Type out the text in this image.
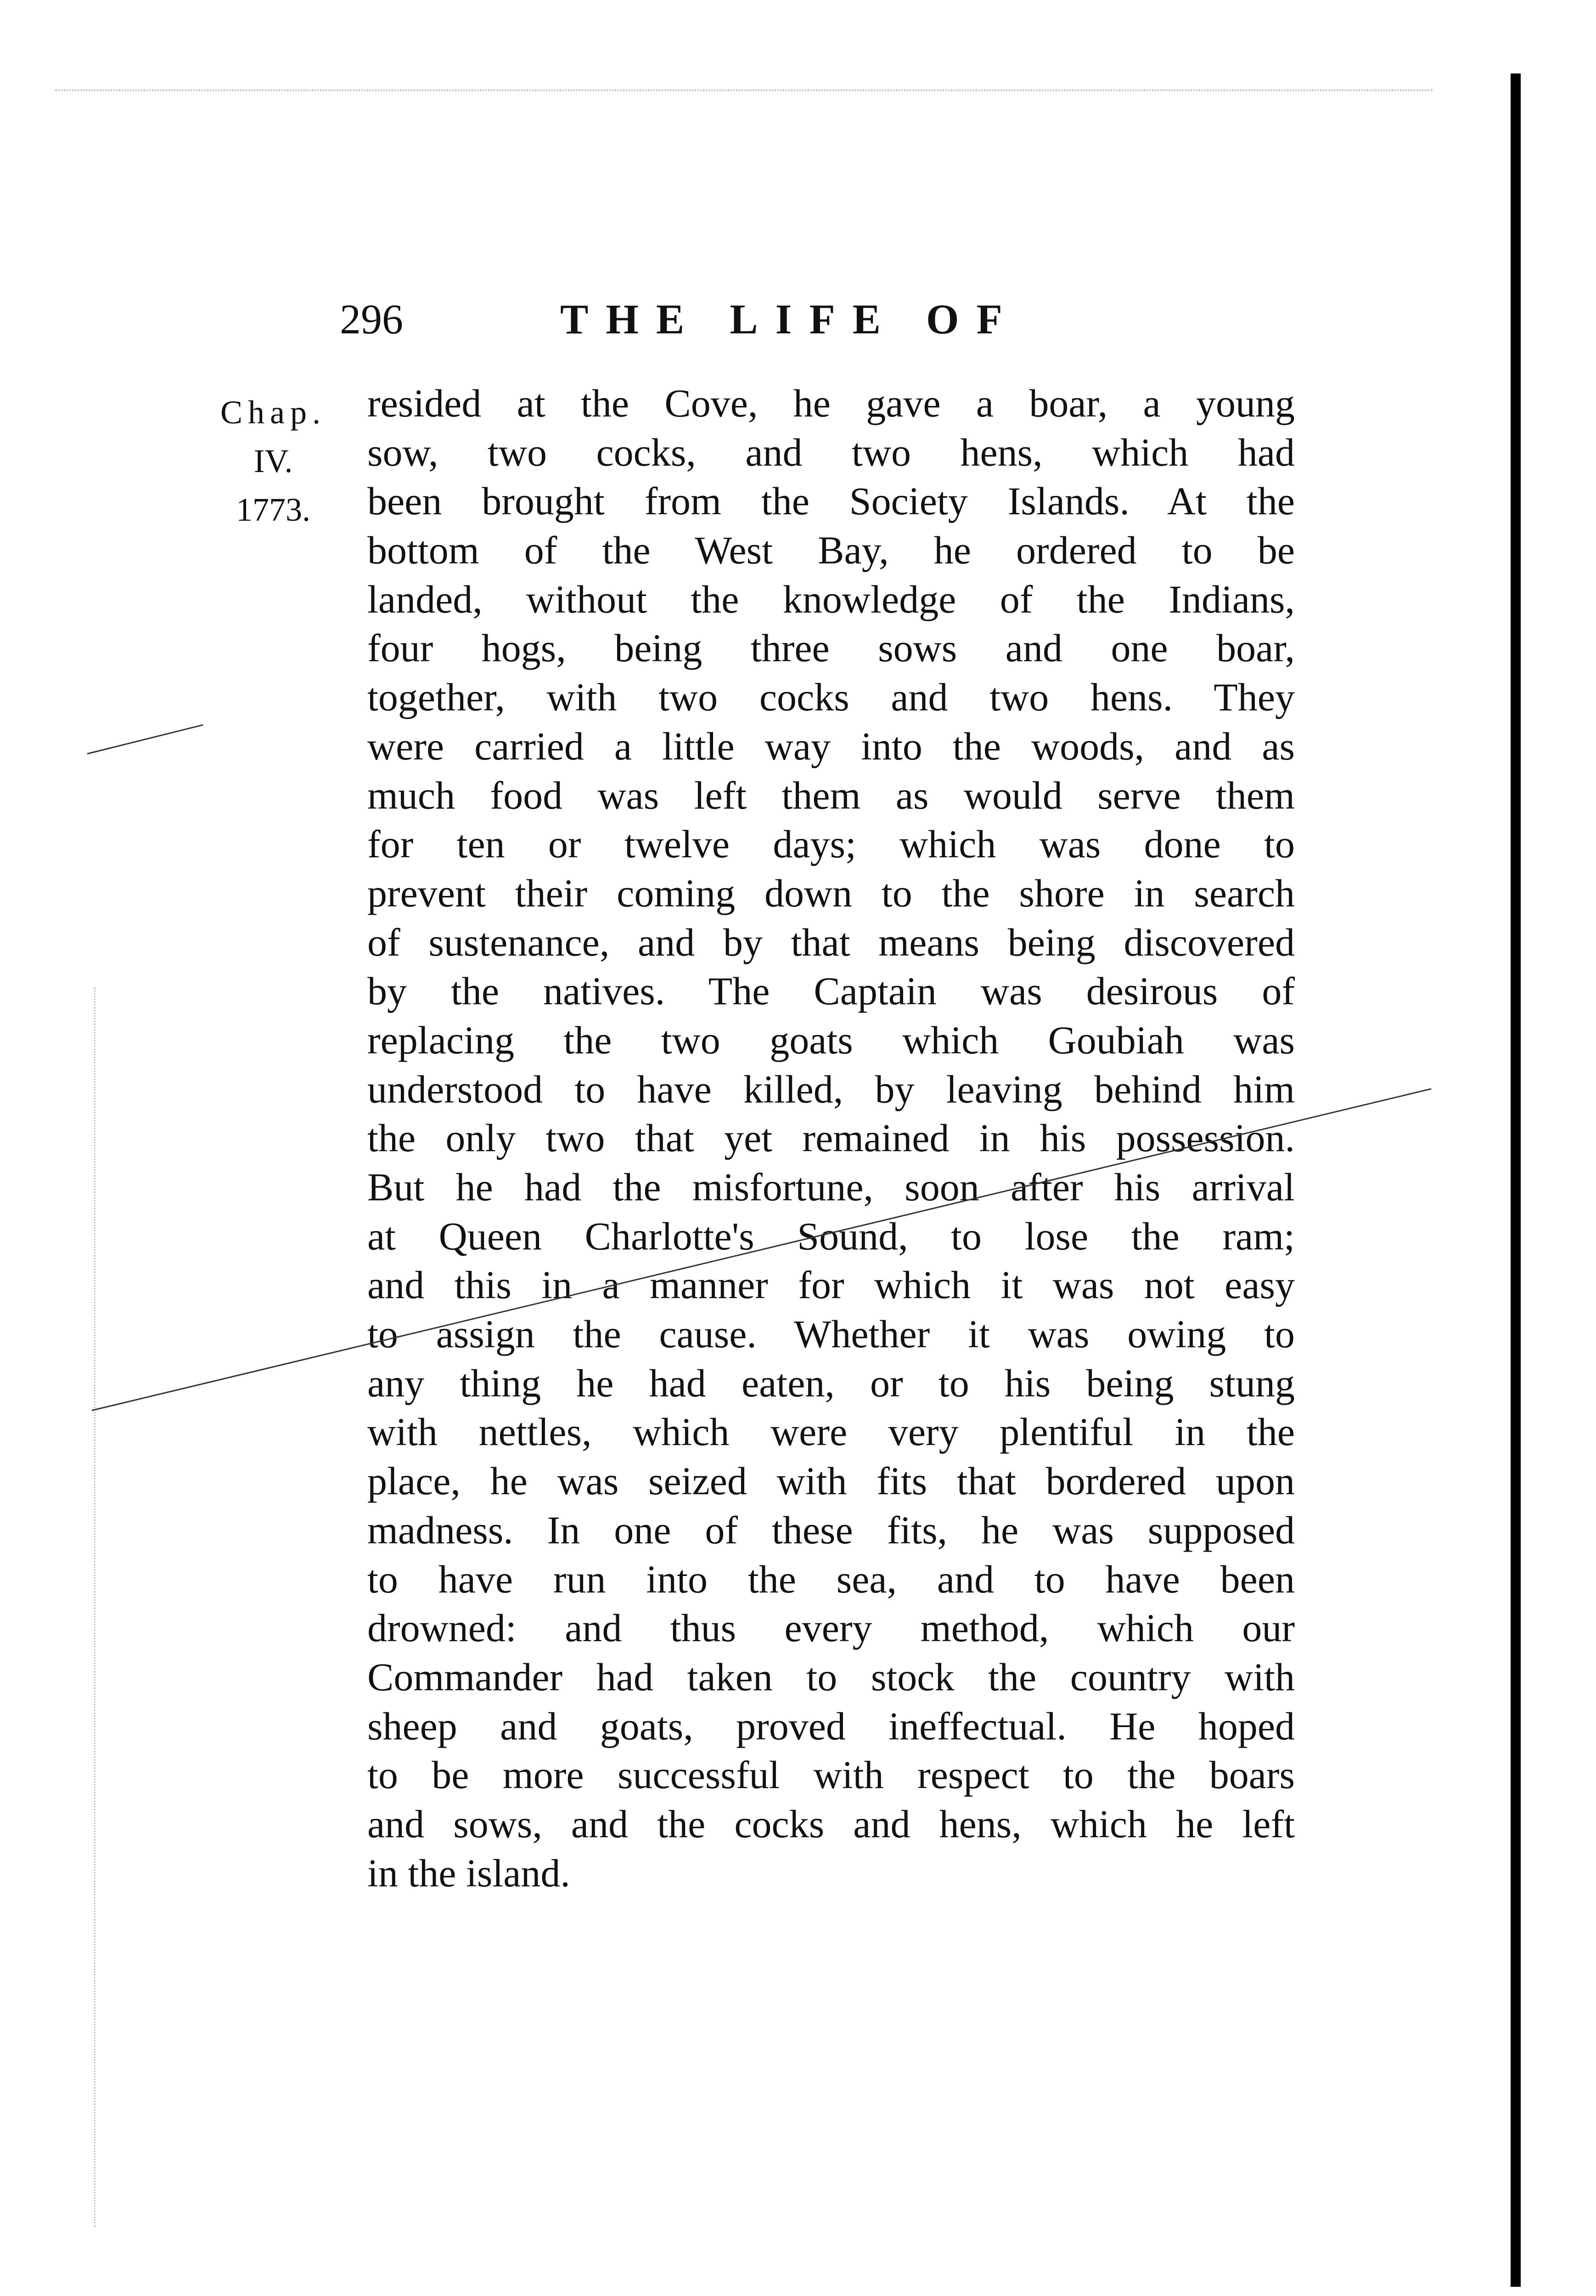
296	THE LIFE OF
Chap.
IV.
1773.
resided at the Cove, he gave a boar, a young
sow, two cocks, and two hens, which had
been brought from the Society Islands. At the
bottom of the West Bay, he ordered to be
landed, without the knowledge of the Indians,
four hogs, being three sows and one boar,
together, with two cocks and two hens. They
were carried a little way into the woods, and as
much food was left them as would serve them
for ten or twelve days; which was done to
prevent their coming down to the shore in search
of sustenance, and by that means being discovered
by the natives. The Captain was desirous of
replacing the two goats which Goubiah was
understood to have killed, by leaving behind him
the only two that yet remained in his possession.
But he had the misfortune, soon after his arrival
at Queen Charlotte's Sound, to lose the ram;
and this in a manner for which it was not easy
to assign the cause. Whether it was owing to
any thing he had eaten, or to his being stung
with nettles, which were very plentiful in the
place, he was seized with fits that bordered upon
madness. In one of these fits, he was supposed
to have run into the sea, and to have been
drowned: and thus every method, which our
Commander had taken to stock the country with
sheep and goats, proved ineffectual. He hoped
to be more successful with respect to the boars
and sows, and the cocks and hens, which he left
in the island.
